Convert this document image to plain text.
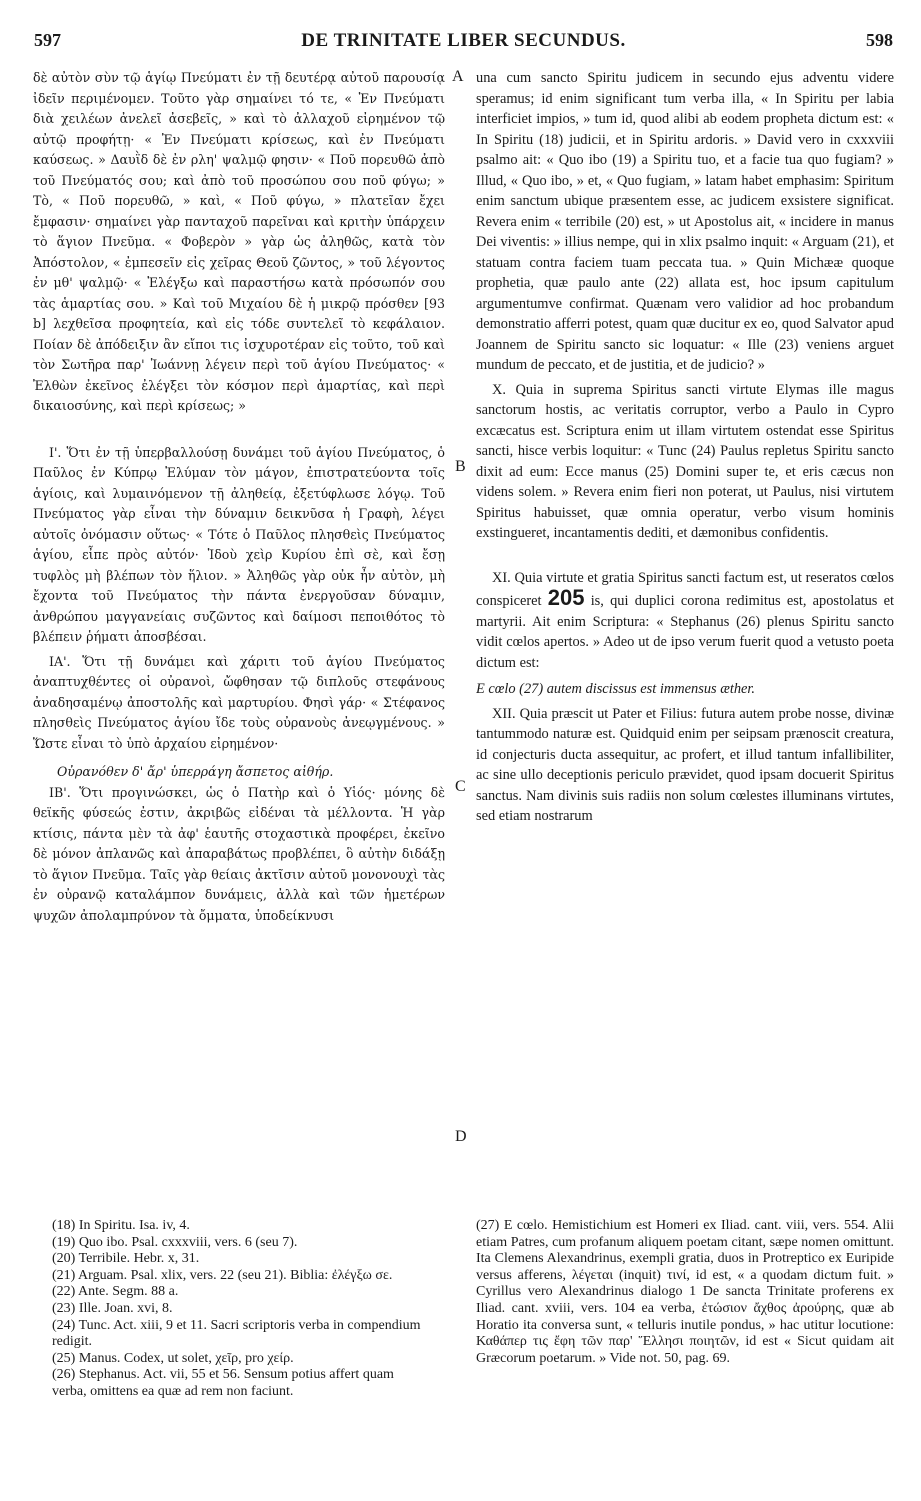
597	DE TRINITATE LIBER SECUNDUS.	598

δὲ αὐτὸν σὺν τῷ ἁγίῳ Πνεύματι ἐν τῇ δευτέρᾳ αὐτοῦ παρουσίᾳ ἰδεῖν περιμένομεν. Τοῦτο γὰρ σημαίνει τό τε, « Ἐν Πνεύματι διὰ χειλέων ἀνελεῖ ἀσεβεῖς, » καὶ τὸ ἀλλαχοῦ εἰρημένον τῷ αὐτῷ προφήτῃ· « Ἐν Πνεύματι κρίσεως, καὶ ἐν Πνεύματι καύσεως. » Δαυῒδ δὲ ἐν ρλη' ψαλμῷ φησιν· « Ποῦ πορευθῶ ἀπὸ τοῦ Πνεύματός σου; καὶ ἀπὸ τοῦ προσώπου σου ποῦ φύγω; » Τὸ, « Ποῦ πορευθῶ, » καὶ, « Ποῦ φύγω, » πλατεῖαν ἔχει ἔμφασιν· σημαίνει γὰρ πανταχοῦ παρεῖναι καὶ κριτὴν ὑπάρχειν τὸ ἅγιον Πνεῦμα. « Φοβερὸν » γὰρ ὡς ἀληθῶς, κατὰ τὸν Ἀπόστολον, « ἐμπεσεῖν εἰς χεῖρας Θεοῦ ζῶντος, » τοῦ λέγοντος ἐν μθ' ψαλμῷ· « Ἐλέγξω καὶ παραστήσω κατὰ πρόσωπόν σου τὰς ἁμαρτίας σου. » Καὶ τοῦ Μιχαίου δὲ ἡ μικρῷ πρόσθεν [93 b] λεχθεῖσα προφητεία, καὶ εἰς τόδε συντελεῖ τὸ κεφάλαιον. Ποίαν δὲ ἀπόδειξιν ἂν εἴποι τις ἰσχυροτέραν εἰς τοῦτο, τοῦ καὶ τὸν Σωτῆρα παρ' Ἰωάννῃ λέγειν περὶ τοῦ ἁγίου Πνεύματος· « Ἐλθὼν ἐκεῖνος ἐλέγξει τὸν κόσμον περὶ ἁμαρτίας, καὶ περὶ δικαιοσύνης, καὶ περὶ κρίσεως; »

Ι'. Ὅτι ἐν τῇ ὑπερβαλλούσῃ δυνάμει τοῦ ἁγίου Πνεύματος, ὁ Παῦλος ἐν Κύπρῳ Ἐλύμαν τὸν μάγον, ἐπιστρατεύοντα τοῖς ἁγίοις, καὶ λυμαινόμενον τῇ ἀληθείᾳ, ἐξετύφλωσε λόγῳ. Τοῦ Πνεύματος γὰρ εἶναι τὴν δύναμιν δεικνῦσα ἡ Γραφὴ, λέγει αὐτοῖς ὀνόμασιν οὕτως· « Τότε ὁ Παῦλος πλησθεὶς Πνεύματος ἁγίου, εἶπε πρὸς αὐτόν· Ἰδοὺ χεὶρ Κυρίου ἐπὶ σὲ, καὶ ἔσῃ τυφλὸς μὴ βλέπων τὸν ἥλιον. » Ἀληθῶς γὰρ οὐκ ἦν αὐτὸν, μὴ ἔχοντα τοῦ Πνεύματος τὴν πάντα ἐνεργοῦσαν δύναμιν, ἀνθρώπου μαγγανείαις συζῶντος καὶ δαίμοσι πεποιθότος τὸ βλέπειν ῥήματι ἀποσβέσαι.

ΙΑ'. Ὅτι τῇ δυνάμει καὶ χάριτι τοῦ ἁγίου Πνεύματος ἀναπτυχθέντες οἱ οὐρανοὶ, ὤφθησαν τῷ διπλοῦς στεφάνους ἀναδησαμένῳ ἀποστολῆς καὶ μαρτυρίου. Φησὶ γάρ· « Στέφανος πλησθεὶς Πνεύματος ἁγίου ἴδε τοὺς οὐρανοὺς ἀνεῳγμένους. » Ὥστε εἶναι τὸ ὑπὸ ἀρχαίου εἰρημένον·

Οὐρανόθεν δ' ἄρ' ὑπερράγη ἄσπετος αἰθήρ.

ΙΒ'. Ὅτι προγινώσκει, ὡς ὁ Πατὴρ καὶ ὁ Υἱός· μόνης δὲ θεϊκῆς φύσεώς ἐστιν, ἀκριβῶς εἰδέναι τὰ μέλλοντα. Ἡ γὰρ κτίσις, πάντα μὲν τὰ ἀφ' ἑαυτῆς στοχαστικὰ προφέρει, ἐκεῖνο δὲ μόνον ἀπλανῶς καὶ ἀπαραβάτως προβλέπει, ὃ αὐτὴν διδάξῃ τὸ ἅγιον Πνεῦμα. Ταῖς γὰρ θείαις ἀκτῖσιν αὐτοῦ μονονουχὶ τὰς ἐν οὐρανῷ καταλάμπον δυνάμεις, ἀλλὰ καὶ τῶν ἡμετέρων ψυχῶν ἀπολαμπρύνον τὰ ὄμματα, ὑποδείκνυσι

A
B
C
D

una cum sancto Spiritu judicem in secundo ejus adventu videre speramus; id enim significant tum verba illa, « In Spiritu per labia interficiet impios, » tum id, quod alibi ab eodem propheta dictum est: « In Spiritu (18) judicii, et in Spiritu ardoris. » David vero in cxxxviii psalmo ait: « Quo ibo (19) a Spiritu tuo, et a facie tua quo fugiam? » Illud, « Quo ibo, » et, « Quo fugiam, » latam habet emphasim: Spiritum enim sanctum ubique præsentem esse, ac judicem exsistere significat. Revera enim « terribile (20) est, » ut Apostolus ait, « incidere in manus Dei viventis: » illius nempe, qui in xlix psalmo inquit: « Arguam (21), et statuam contra faciem tuam peccata tua. » Quin Michææ quoque prophetia, quæ paulo ante (22) allata est, hoc ipsum capitulum argumentumve confirmat. Quænam vero validior ad hoc probandum demonstratio afferri potest, quam quæ ducitur ex eo, quod Salvator apud Joannem de Spiritu sancto sic loquatur: « Ille (23) veniens arguet mundum de peccato, et de justitia, et de judicio? »

X. Quia in suprema Spiritus sancti virtute Elymas ille magus sanctorum hostis, ac veritatis corruptor, verbo a Paulo in Cypro excæcatus est. Scriptura enim ut illam virtutem ostendat esse Spiritus sancti, hisce verbis loquitur: « Tunc (24) Paulus repletus Spiritu sancto dixit ad eum: Ecce manus (25) Domini super te, et eris cæcus non videns solem. » Revera enim fieri non poterat, ut Paulus, nisi virtutem Spiritus habuisset, quæ omnia operatur, verbo visum hominis exstingueret, incantamentis dediti, et dæmonibus confidentis.

XI. Quia virtute et gratia Spiritus sancti factum est, ut reseratos cœlos conspiceret 205 is, qui duplici corona redimitus est, apostolatus et martyrii. Ait enim Scriptura: « Stephanus (26) plenus Spiritu sancto vidit cœlos apertos. » Adeo ut de ipso verum fuerit quod a vetusto poeta dictum est:

E cœlo (27) autem discissus est immensus æther.

XII. Quia præscit ut Pater et Filius: futura autem probe nosse, divinæ tantummodo naturæ est. Quidquid enim per seipsam prænoscit creatura, id conjecturis ducta assequitur, ac profert, et illud tantum infallibiliter, ac sine ullo deceptionis periculo prævidet, quod ipsam docuerit Spiritus sanctus. Nam divinis suis radiis non solum cœlestes illuminans virtutes, sed etiam nostrarum

(18) In Spiritu. Isa. iv, 4.

(19) Quo ibo. Psal. cxxxviii, vers. 6 (seu 7).

(20) Terribile. Hebr. x, 31.

(21) Arguam. Psal. xlix, vers. 22 (seu 21). Biblia: ἐλέγξω σε.

(22) Ante. Segm. 88 a.

(23) Ille. Joan. xvi, 8.

(24) Tunc. Act. xiii, 9 et 11. Sacri scriptoris verba in compendium redigit.

(25) Manus. Codex, ut solet, χεῖρ, pro χείρ.

(26) Stephanus. Act. vii, 55 et 56. Sensum potius affert quam verba, omittens ea quæ ad rem non faciunt.

(27) E cœlo. Hemistichium est Homeri ex Iliad. cant. viii, vers. 554. Alii etiam Patres, cum profanum aliquem poetam citant, sæpe nomen omittunt. Ita Clemens Alexandrinus, exempli gratia, duos in Protreptico ex Euripide versus afferens, λέγεται (inquit) τινί, id est, « a quodam dictum fuit. » Cyrillus vero Alexandrinus dialogo 1 De sancta Trinitate proferens ex Iliad. cant. xviii, vers. 104 ea verba, ἐτώσιον ἄχθος ἀρούρης, quæ ab Horatio ita conversa sunt, « telluris inutile pondus, » hac utitur locutione: Καθάπερ τις ἔφη τῶν παρ' Ἕλλησι ποιητῶν, id est « Sicut quidam ait Græcorum poetarum. » Vide not. 50, pag. 69.
